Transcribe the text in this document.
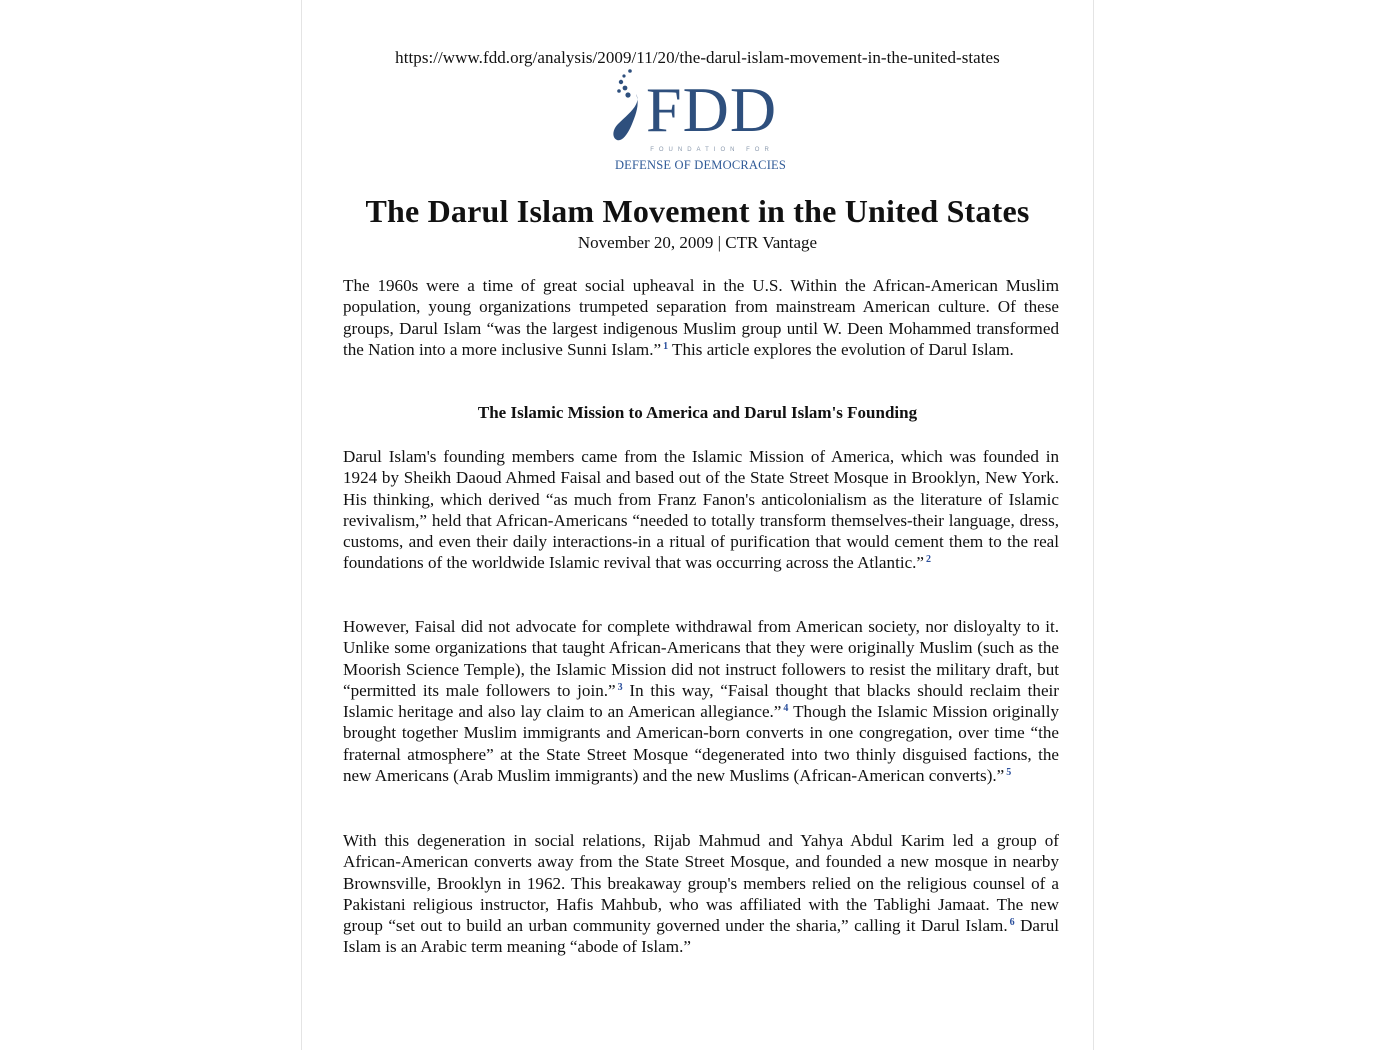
https://www.fdd.org/analysis/2009/11/20/the-darul-islam-movement-in-the-united-states
FDD
FOUNDATION FOR
DEFENSE OF DEMOCRACIES
The Darul Islam Movement in the United States
November 20, 2009 | CTR Vantage
The 1960s were a time of great social upheaval in the U.S. Within the African-American Muslim population, young organizations trumpeted separation from mainstream American culture. Of these groups, Darul Islam “was the largest indigenous Muslim group until W. Deen Mohammed transformed the Nation into a more inclusive Sunni Islam.” $^1$ This article explores the evolution of Darul Islam.
The Islamic Mission to America and Darul Islam's Founding
Darul Islam's founding members came from the Islamic Mission of America, which was founded in 1924 by Sheikh Daoud Ahmed Faisal and based out of the State Street Mosque in Brooklyn, New York. His thinking, which derived “as much from Franz Fanon's anticolonialism as the literature of Islamic revivalism,” held that African-Americans “needed to totally transform themselves-their language, dress, customs, and even their daily interactions-in a ritual of purification that would cement them to the real foundations of the worldwide Islamic revival that was occurring across the Atlantic.” $^2$
However, Faisal did not advocate for complete withdrawal from American society, nor disloyalty to it. Unlike some organizations that taught African-Americans that they were originally Muslim (such as the Moorish Science Temple), the Islamic Mission did not instruct followers to resist the military draft, but “permitted its male followers to join.” $^3$ In this way, “Faisal thought that blacks should reclaim their Islamic heritage and also lay claim to an American allegiance.” $^4$ Though the Islamic Mission originally brought together Muslim immigrants and American-born converts in one congregation, over time “the fraternal atmosphere” at the State Street Mosque “degenerated into two thinly disguised factions, the new Americans (Arab Muslim immigrants) and the new Muslims (African-American converts).” $^5$
With this degeneration in social relations, Rijab Mahmud and Yahya Abdul Karim led a group of African-American converts away from the State Street Mosque, and founded a new mosque in nearby Brownsville, Brooklyn in 1962. This breakaway group's members relied on the religious counsel of a Pakistani religious instructor, Hafis Mahbub, who was affiliated with the Tablighi Jamaat. The new group “set out to build an urban community governed under the sharia,” calling it Darul Islam. $^6$ Darul Islam is an Arabic term meaning “abode of Islam.”
